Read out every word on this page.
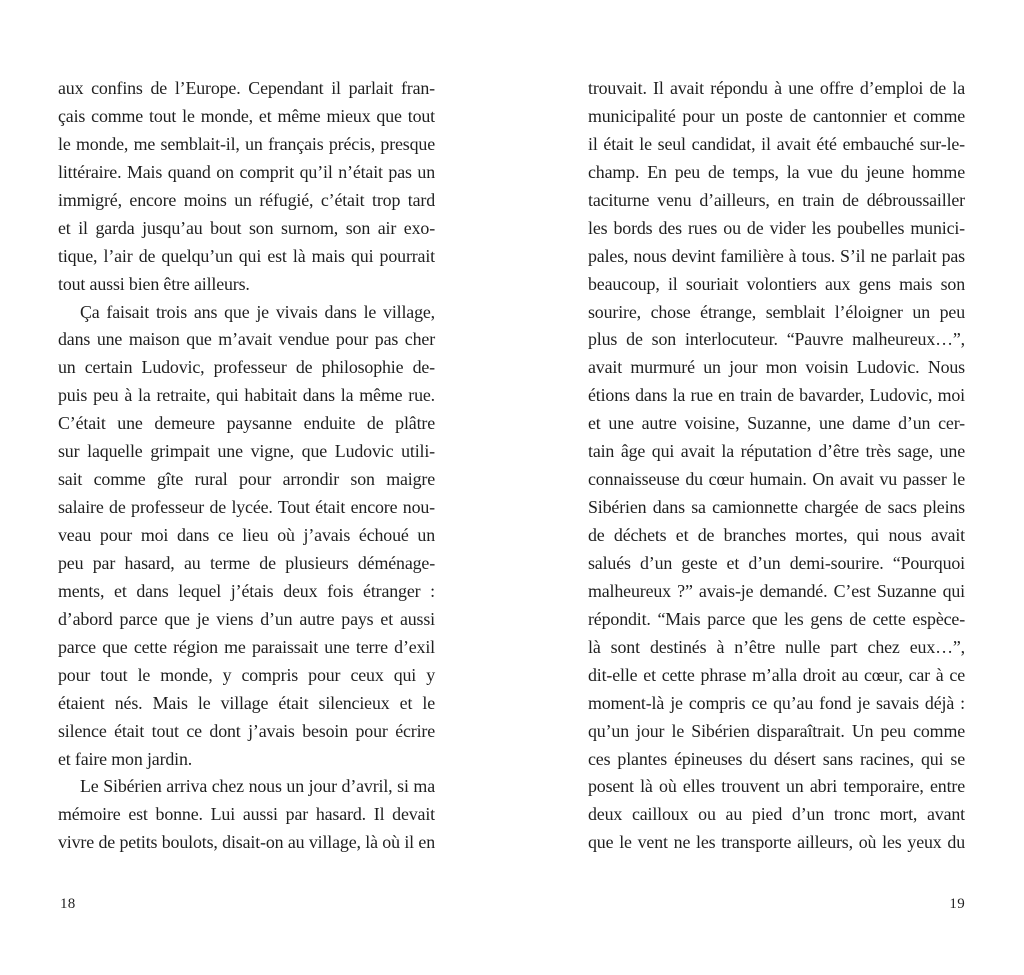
aux confins de l’Europe. Cependant il parlait fran-
çais comme tout le monde, et même mieux que tout
le monde, me semblait-il, un français précis, presque
littéraire. Mais quand on comprit qu’il n’était pas un
immigré, encore moins un réfugié, c’était trop tard
et il garda jusqu’au bout son surnom, son air exo-
tique, l’air de quelqu’un qui est là mais qui pourrait
tout aussi bien être ailleurs.
Ça faisait trois ans que je vivais dans le village,
dans une maison que m’avait vendue pour pas cher
un certain Ludovic, professeur de philosophie de-
puis peu à la retraite, qui habitait dans la même rue.
C’était une demeure paysanne enduite de plâtre
sur laquelle grimpait une vigne, que Ludovic utili-
sait comme gîte rural pour arrondir son maigre
salaire de professeur de lycée. Tout était encore nou-
veau pour moi dans ce lieu où j’avais échoué un
peu par hasard, au terme de plusieurs déménage-
ments, et dans lequel j’étais deux fois étranger :
d’abord parce que je viens d’un autre pays et aussi
parce que cette région me paraissait une terre d’exil
pour tout le monde, y compris pour ceux qui y
étaient nés. Mais le village était silencieux et le
silence était tout ce dont j’avais besoin pour écrire
et faire mon jardin.
Le Sibérien arriva chez nous un jour d’avril, si ma
mémoire est bonne. Lui aussi par hasard. Il devait
vivre de petits boulots, disait-on au village, là où il en
18
trouvait. Il avait répondu à une offre d’emploi de la
municipalité pour un poste de cantonnier et comme
il était le seul candidat, il avait été embauché sur-le-
champ. En peu de temps, la vue du jeune homme
taciturne venu d’ailleurs, en train de débroussailler
les bords des rues ou de vider les poubelles munici-
pales, nous devint familière à tous. S’il ne parlait pas
beaucoup, il souriait volontiers aux gens mais son
sourire, chose étrange, semblait l’éloigner un peu
plus de son interlocuteur. “Pauvre malheureux…”,
avait murmuré un jour mon voisin Ludovic. Nous
étions dans la rue en train de bavarder, Ludovic, moi
et une autre voisine, Suzanne, une dame d’un cer-
tain âge qui avait la réputation d’être très sage, une
connaisseuse du cœur humain. On avait vu passer le
Sibérien dans sa camionnette chargée de sacs pleins
de déchets et de branches mortes, qui nous avait
salués d’un geste et d’un demi-sourire. “Pourquoi
malheureux ?” avais-je demandé. C’est Suzanne qui
répondit. “Mais parce que les gens de cette espèce-
là sont destinés à n’être nulle part chez eux…”,
dit-elle et cette phrase m’alla droit au cœur, car à ce
moment-là je compris ce qu’au fond je savais déjà :
qu’un jour le Sibérien disparaîtrait. Un peu comme
ces plantes épineuses du désert sans racines, qui se
posent là où elles trouvent un abri temporaire, entre
deux cailloux ou au pied d’un tronc mort, avant
que le vent ne les transporte ailleurs, où les yeux du
19
